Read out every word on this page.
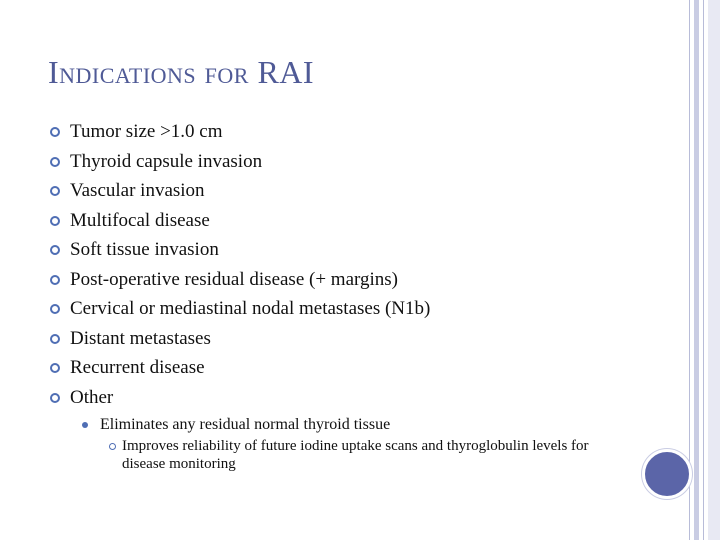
Indications for RAI
Tumor size >1.0 cm
Thyroid capsule invasion
Vascular invasion
Multifocal disease
Soft tissue invasion
Post-operative residual disease (+ margins)
Cervical or mediastinal nodal metastases (N1b)
Distant metastases
Recurrent disease
Other
Eliminates any residual normal thyroid tissue
Improves reliability of future iodine uptake scans and thyroglobulin levels for disease monitoring
